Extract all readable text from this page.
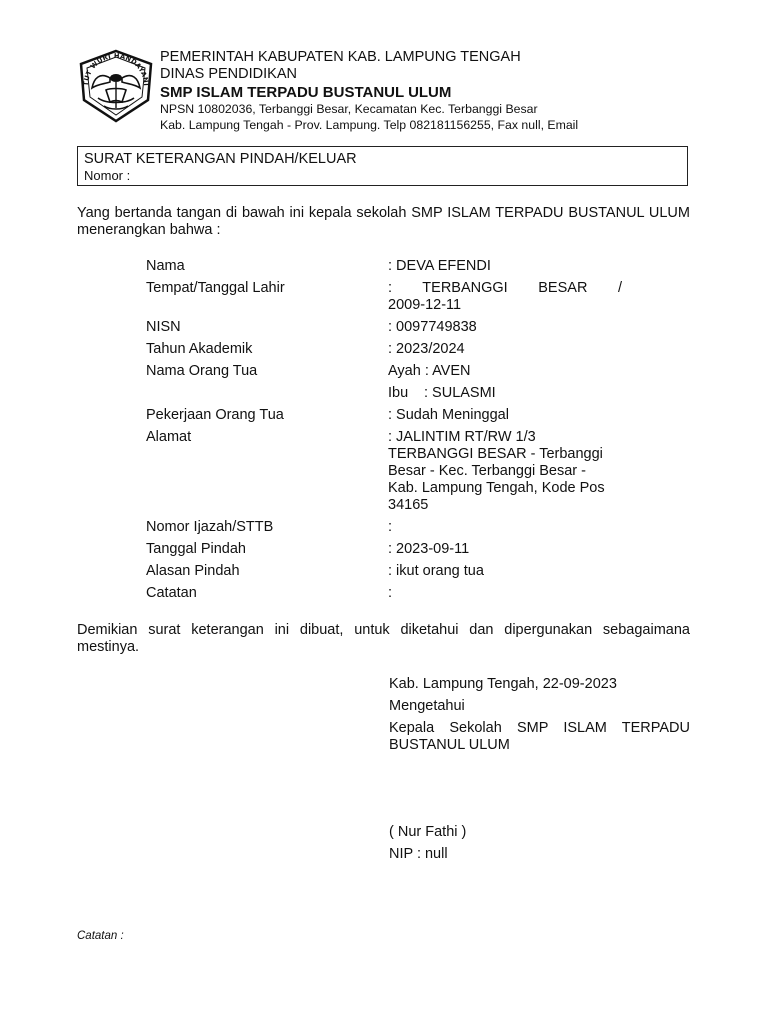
TUT WURI HANDAYANI
PEMERINTAH KABUPATEN KAB. LAMPUNG TENGAH
DINAS PENDIDIKAN
SMP ISLAM TERPADU BUSTANUL ULUM
NPSN 10802036, Terbanggi Besar, Kecamatan Kec. Terbanggi Besar
Kab. Lampung Tengah - Prov. Lampung. Telp 082181156255, Fax null, Email
SURAT KETERANGAN PINDAH/KELUAR
Nomor :
Yang bertanda tangan di bawah ini kepala sekolah SMP ISLAM TERPADU BUSTANUL ULUM menerangkan bahwa :
Nama	: DEVA EFENDI
Tempat/Tanggal Lahir	: TERBANGGI BESAR /
2009-12-11
NISN	: 0097749838
Tahun Akademik	: 2023/2024
Nama Orang Tua	Ayah : AVEN
Ibu : SULASMI
Pekerjaan Orang Tua	: Sudah Meninggal
Alamat	: JALINTIM RT/RW 1/3
TERBANGGI BESAR - Terbanggi
Besar - Kec. Terbanggi Besar -
Kab. Lampung Tengah, Kode Pos
34165
Nomor Ijazah/STTB	:
Tanggal Pindah	: 2023-09-11
Alasan Pindah	: ikut orang tua
Catatan	:
Demikian surat keterangan ini dibuat, untuk diketahui dan dipergunakan sebagaimana mestinya.
Kab. Lampung Tengah, 22-09-2023
Mengetahui
Kepala Sekolah SMP ISLAM TERPADU BUSTANUL ULUM
( Nur Fathi )
NIP : null
Catatan :
